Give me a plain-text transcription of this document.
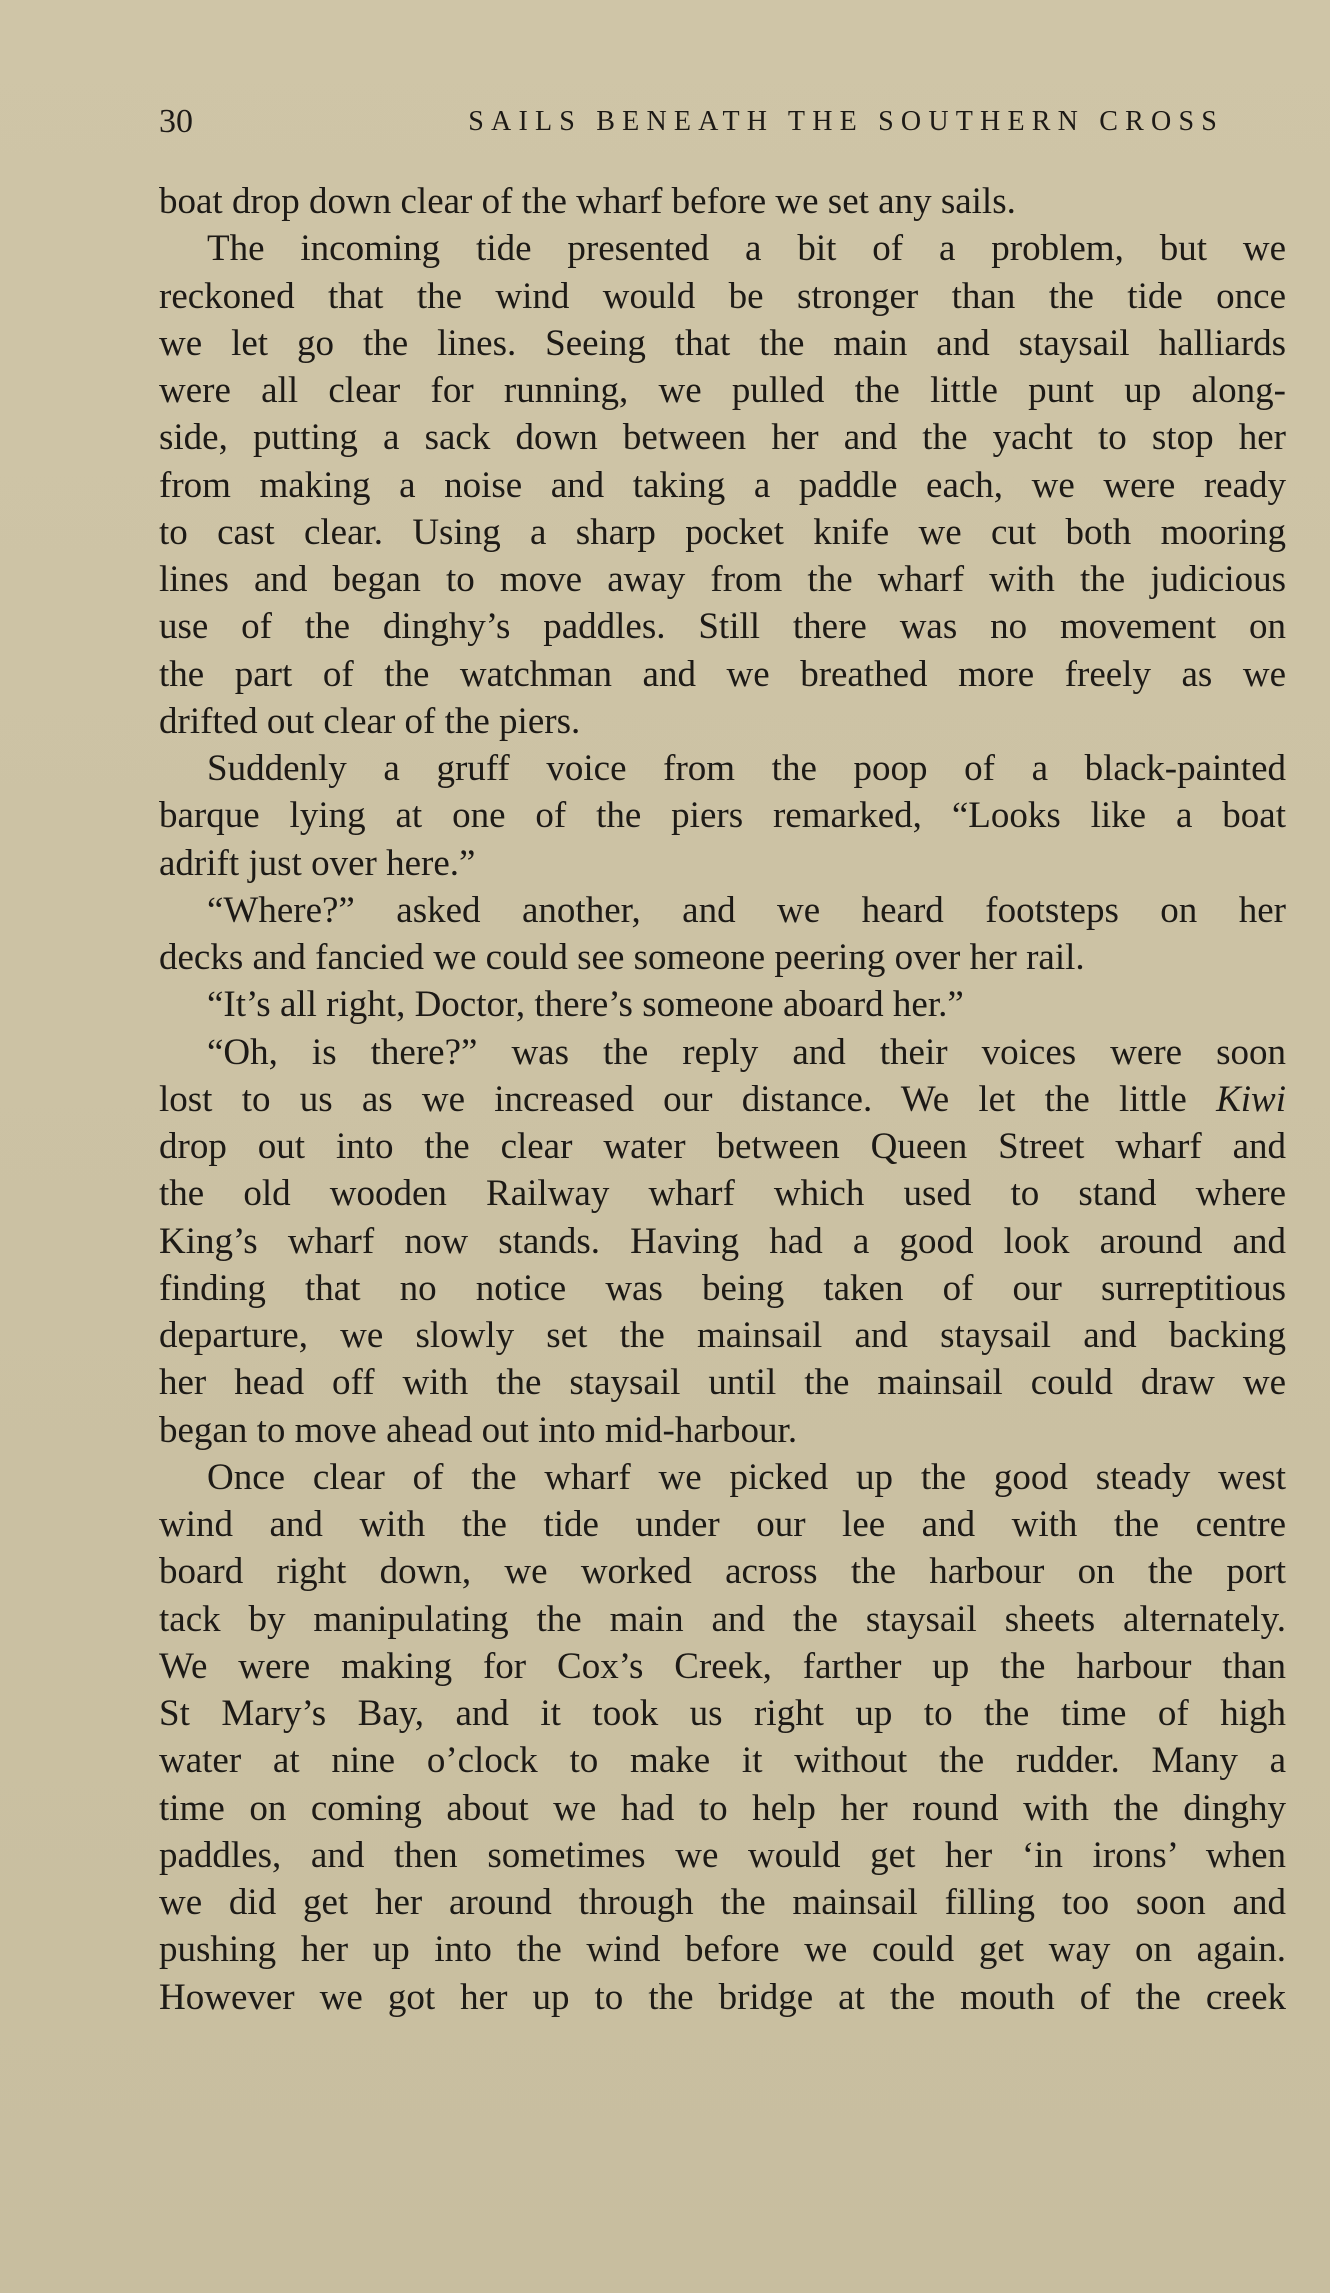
30	SAILS BENEATH THE SOUTHERN CROSS
boat drop down clear of the wharf before we set any sails.
The incoming tide presented a bit of a problem, but we
reckoned that the wind would be stronger than the tide once
we let go the lines. Seeing that the main and staysail halliards
were all clear for running, we pulled the little punt up along-
side, putting a sack down between her and the yacht to stop her
from making a noise and taking a paddle each, we were ready
to cast clear. Using a sharp pocket knife we cut both mooring
lines and began to move away from the wharf with the judicious
use of the dinghy’s paddles. Still there was no movement on
the part of the watchman and we breathed more freely as we
drifted out clear of the piers.
Suddenly a gruff voice from the poop of a black-painted
barque lying at one of the piers remarked, “Looks like a boat
adrift just over here.”
“Where?” asked another, and we heard footsteps on her
decks and fancied we could see someone peering over her rail.
“It’s all right, Doctor, there’s someone aboard her.”
“Oh, is there?” was the reply and their voices were soon
lost to us as we increased our distance. We let the little Kiwi
drop out into the clear water between Queen Street wharf and
the old wooden Railway wharf which used to stand where
King’s wharf now stands. Having had a good look around and
finding that no notice was being taken of our surreptitious
departure, we slowly set the mainsail and staysail and backing
her head off with the staysail until the mainsail could draw we
began to move ahead out into mid-harbour.
Once clear of the wharf we picked up the good steady west
wind and with the tide under our lee and with the centre
board right down, we worked across the harbour on the port
tack by manipulating the main and the staysail sheets alternately.
We were making for Cox’s Creek, farther up the harbour than
St Mary’s Bay, and it took us right up to the time of high
water at nine o’clock to make it without the rudder. Many a
time on coming about we had to help her round with the dinghy
paddles, and then sometimes we would get her ‘in irons’ when
we did get her around through the mainsail filling too soon and
pushing her up into the wind before we could get way on again.
However we got her up to the bridge at the mouth of the creek
